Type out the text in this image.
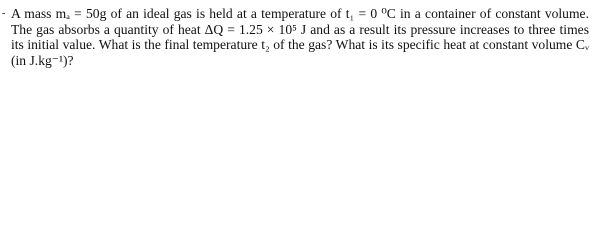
- A mass mₐ = 50g of an ideal gas is held at a temperature of t₁ = 0 ⁰C in a container of constant volume. The gas absorbs a quantity of heat ΔQ = 1.25 × 10⁵ J and as a result its pressure increases to three times its initial value. What is the final temperature t₂ of the gas? What is its specific heat at constant volume Cᵥ (in J.kg⁻¹)?
